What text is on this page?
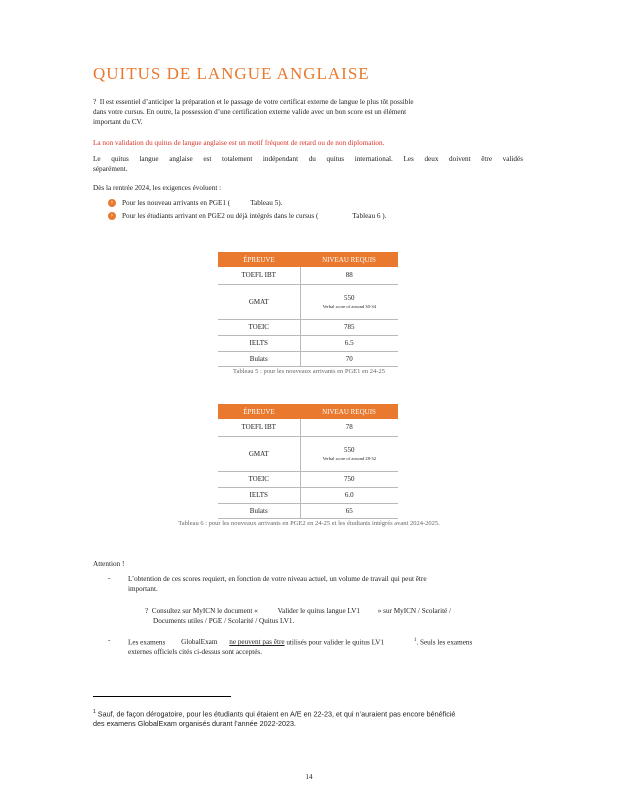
QUITUS DE LANGUE ANGLAISE
? Il est essentiel d’anticiper la préparation et le passage de votre certificat externe de langue le plus tôt possible
dans votre cursus. En outre, la possession d’une certification externe valide avec un bon score est un élément
important du CV.
La non validation du quitus de langue anglaise est un motif fréquent de retard ou de non diplomation.
Le quitus langue anglaise est totalement indépendant du quitus international. Les deux doivent être validés
séparément.
Dès la rentrée 2024, les exigences évoluent :
›	Pour les nouveau arrivants en PGE1 (	Tableau 5).
›	Pour les étudiants arrivant en PGE2 ou déjà intégrés dans le cursus (	Tableau 6 ).
ÉPREUVE	NIVEAU REQUIS
TOEFL IBT	88
GMAT	550
Verbal score of around 30-34

TOEIC	785
IELTS	6.5
Bulats	70
Tableau 5 : pour les nouveaux arrivants en PGE1 en 24-25
ÉPREUVE	NIVEAU REQUIS
TOEFL IBT	78
GMAT	550
Verbal score of around 28-32

TOEIC	750
IELTS	6.0
Bulats	65
Tableau 6 : pour les nouveaux arrivants en PGE2 en 24-25 et les étudiants intégrés avant 2024-2025.
Attention !
- L’obtention de ces scores requiert, en fonction de votre niveau actuel, un volume de travail qui peut être
important.
? Consultez sur MyICN le document «	Valider le quitus langue LV1 » sur MyICN / Scolarité /
Documents utiles / PGE / Scolarité / Quitus LV1.
- Les examens GlobalExam ne peuvent pas être utilisés pour valider le quitus LV1	$^1$. Seuls les examens
externes officiels cités ci-dessus sont acceptés.
$^1$ Sauf, de façon dérogatoire, pour les étudiants qui étaient en A/E en 22-23, et qui n’auraient pas encore bénéficié
des examens GlobalExam organisés durant l’année 2022-2023.
14
